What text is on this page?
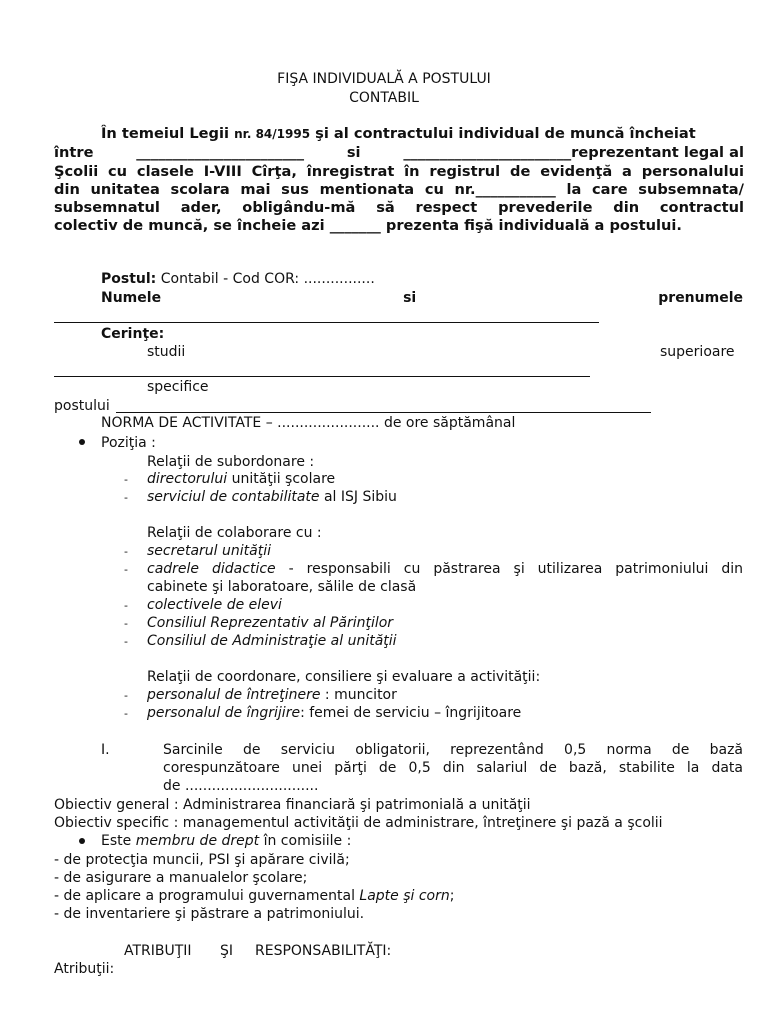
FIŞA INDIVIDUALĂ A POSTULUI
CONTABIL
În temeiul Legii nr. 84/1995 şi al contractului individual de muncă încheiat
între	_______________________	si	_______________________reprezentant legal al
Şcolii cu clasele I-VIII Cîrţa, înregistrat în registrul de evidenţă a personalului
din unitatea scolara mai sus mentionata cu nr.___________ la care subsemnata/
subsemnatul ader, obligându-mă să respect prevederile din contractul
colectiv de muncă, se încheie azi _______ prezenta fişă individuală a postului.
Postul: Contabil - Cod COR: ................
Numele	si	prenumele
Cerinţe:
studii	superioare
specifice
postului
NORMA DE ACTIVITATE – ....................... de ore săptămânal
Poziţia :
Relaţii de subordonare :
- directorului unităţii şcolare
- serviciul de contabilitate al ISJ Sibiu
Relaţii de colaborare cu :
- secretarul unităţii
- cadrele didactice - responsabili cu păstrarea şi utilizarea patrimoniului din
cabinete şi laboratoare, sălile de clasă
- colectivele de elevi
- Consiliul Reprezentativ al Părinţilor
- Consiliul de Administraţie al unităţii
Relaţii de coordonare, consiliere şi evaluare a activităţii:
- personalul de întreţinere : muncitor
- personalul de îngrijire: femei de serviciu – îngrijitoare
I.	Sarcinile de serviciu obligatorii, reprezentând 0,5 norma de bază
corespunzătoare unei părţi de 0,5 din salariul de bază, stabilite la data
de ..............................
Obiectiv general : Administrarea financiară şi patrimonială a unităţii
Obiectiv specific : managementul activităţii de administrare, întreţinere şi pază a şcolii
Este membru de drept în comisiile :
- de protecţia muncii, PSI şi apărare civilă;
- de asigurare a manualelor şcolare;
- de aplicare a programului guvernamental Lapte şi corn;
- de inventariere şi păstrare a patrimoniului.
ATRIBUŢII ŞI RESPONSABILITĂŢI:
Atribuţii:
